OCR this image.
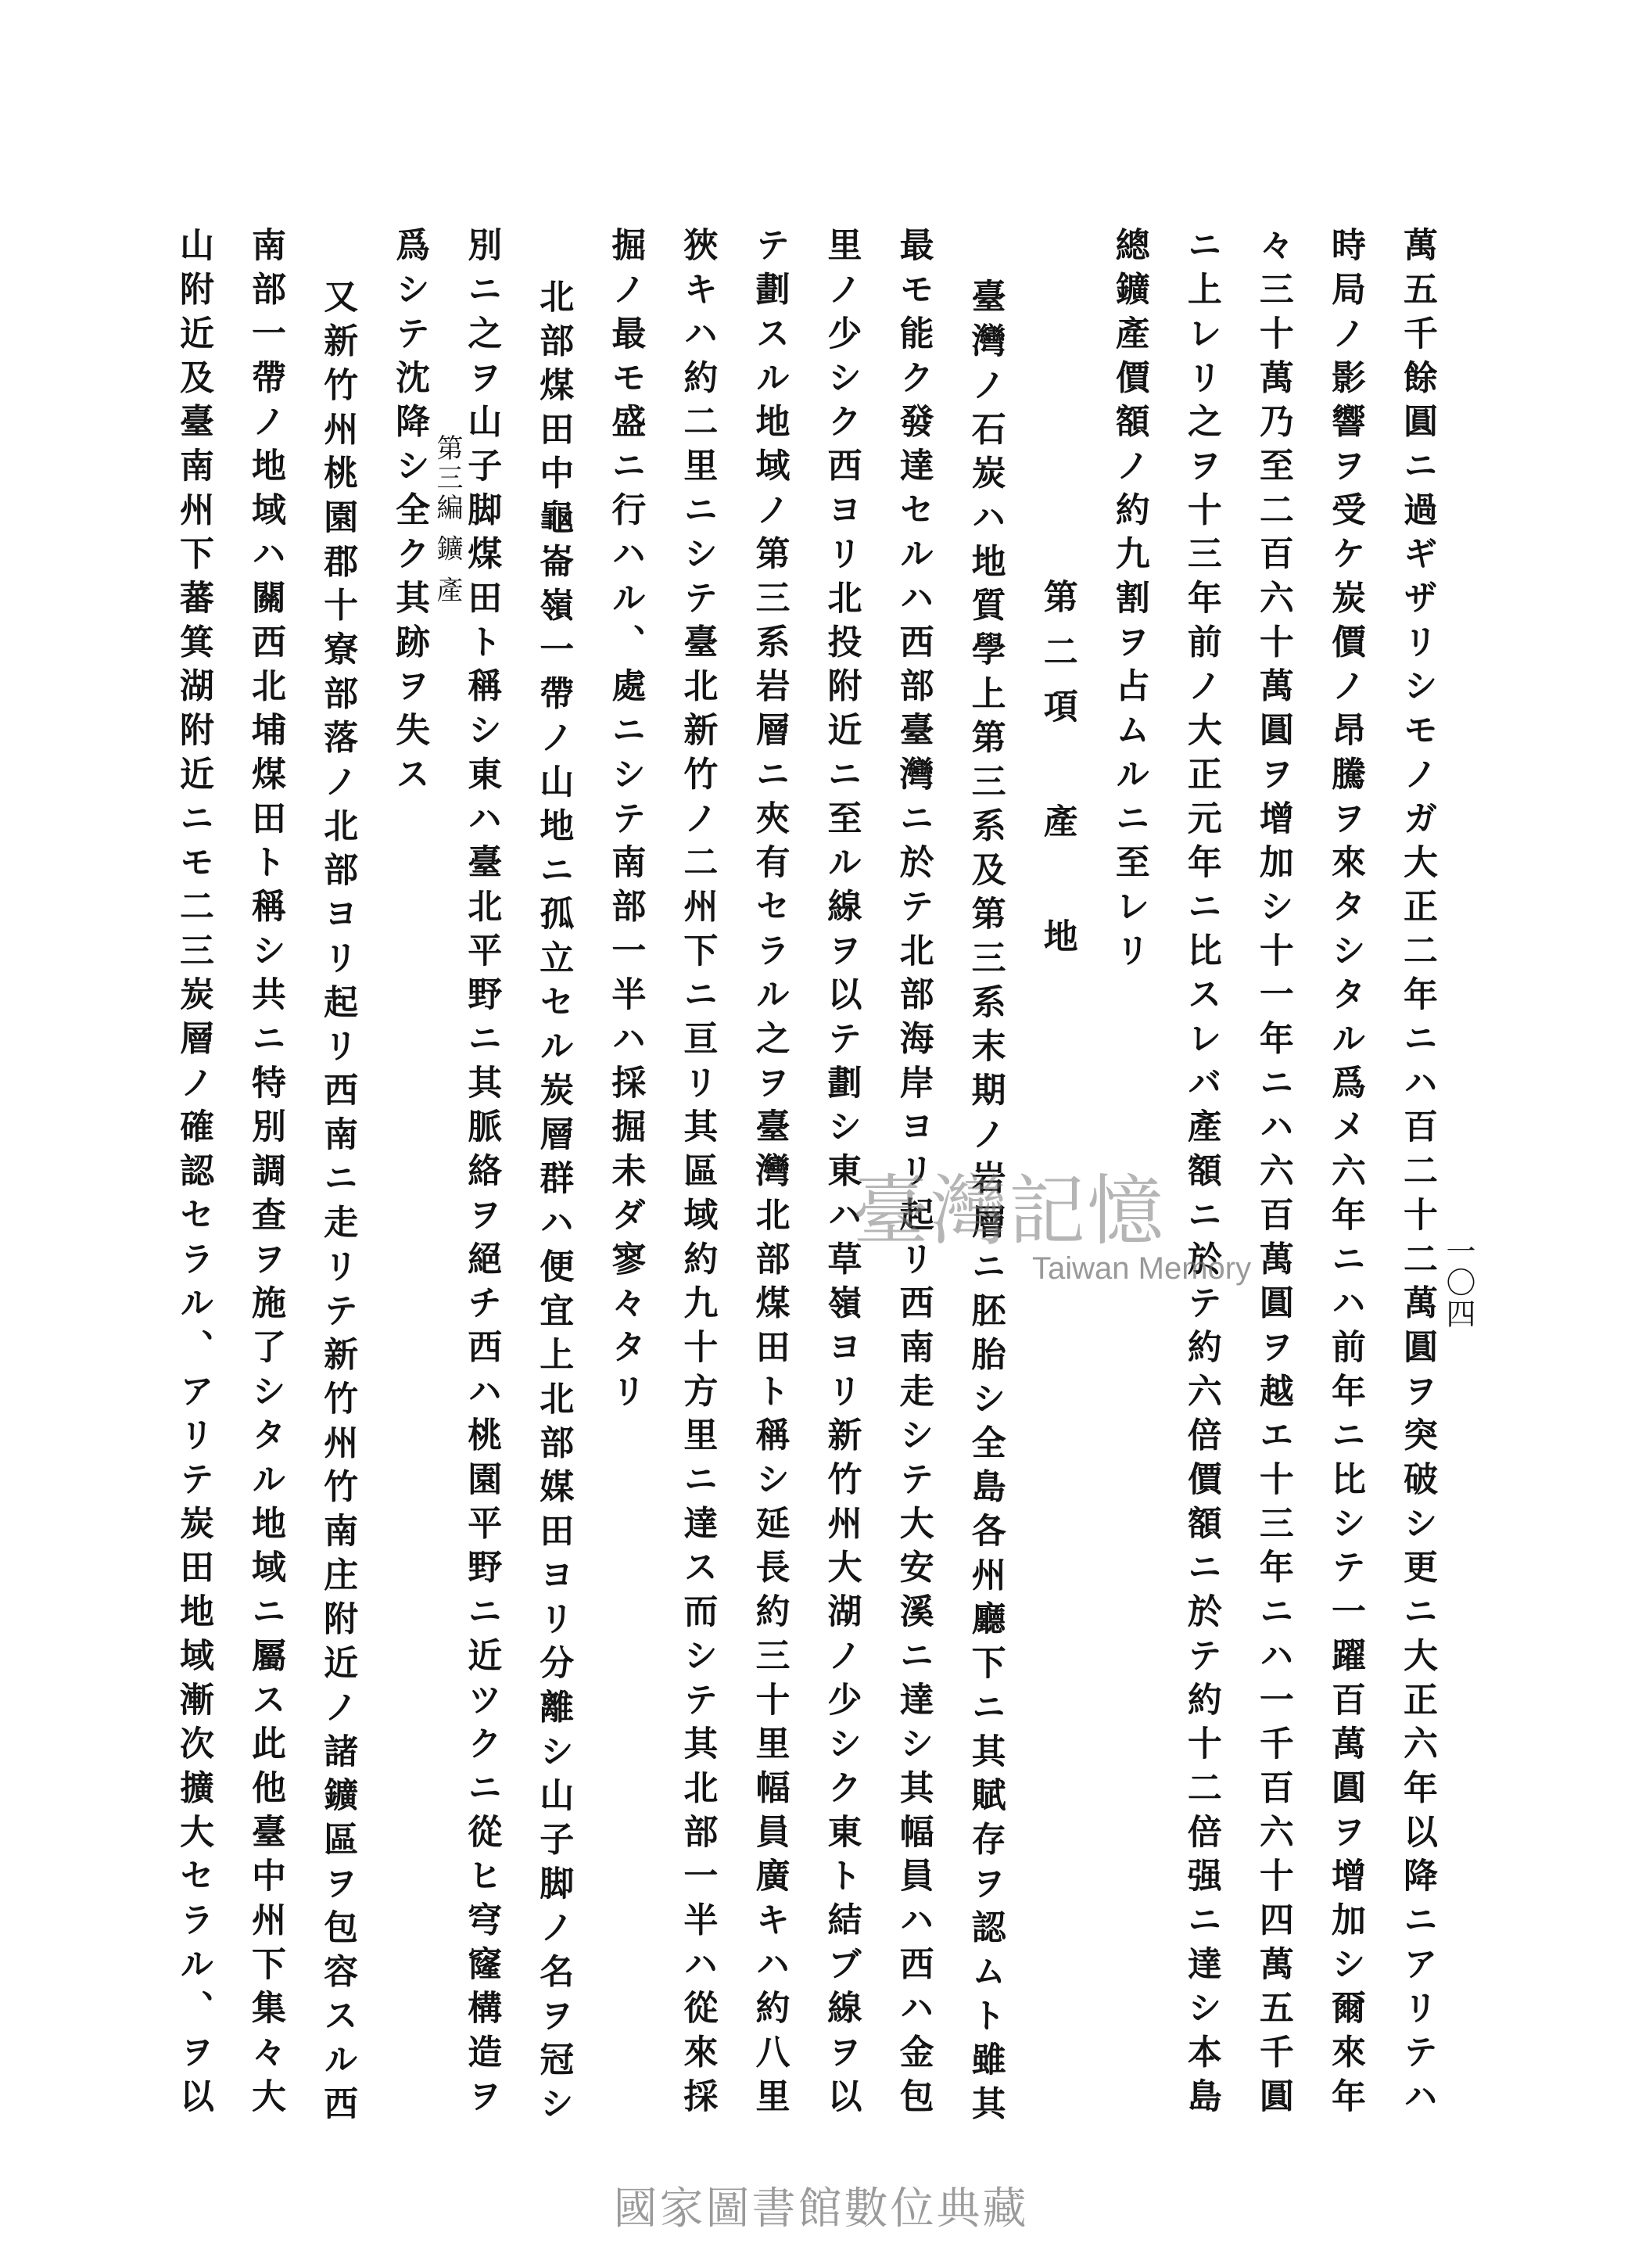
第三編 鑛 產
一〇四
萬五千餘圓ニ過ギザリシモノガ大正二年ニハ百二十二萬圓ヲ突破シ更ニ大正六年以降ニアリテハ
時局ノ影響ヲ受ケ炭價ノ昂騰ヲ來タシタル爲メ六年ニハ前年ニ比シテ一躍百萬圓ヲ增加シ爾來年
々三十萬乃至二百六十萬圓ヲ增加シ十一年ニハ六百萬圓ヲ越エ十三年ニハ一千百六十四萬五千圓
ニ上レリ之ヲ十三年前ノ大正元年ニ比スレバ產額ニ於テ約六倍價額ニ於テ約十二倍强ニ達シ本島
總鑛產價額ノ約九割ヲ占ムルニ至レリ
第二項 產 地
臺灣ノ石炭ハ地質學上第三系及第三系末期ノ岩層ニ胚胎シ全島各州廳下ニ其賦存ヲ認ムト雖其
最モ能ク發達セルハ西部臺灣ニ於テ北部海岸ヨリ起リ西南走シテ大安溪ニ達シ其幅員ハ西ハ金包
里ノ少シク西ヨリ北投附近ニ至ル線ヲ以テ劃シ東ハ草嶺ヨリ新竹州大湖ノ少シク東ト結ブ線ヲ以
テ劃スル地域ノ第三系岩層ニ夾有セラル之ヲ臺灣北部煤田ト稱シ延長約三十里幅員廣キハ約八里
狹キハ約二里ニシテ臺北新竹ノ二州下ニ亘リ其區域約九十方里ニ達ス而シテ其北部一半ハ從來採
掘ノ最モ盛ニ行ハル、處ニシテ南部一半ハ採掘未ダ寥々タリ
北部煤田中龜崙嶺一帶ノ山地ニ孤立セル炭層群ハ便宜上北部媒田ヨリ分離シ山子脚ノ名ヲ冠シ
別ニ之ヲ山子脚煤田ト稱シ東ハ臺北平野ニ其脈絡ヲ絕チ西ハ桃園平野ニ近ツクニ從ヒ穹窿構造ヲ
爲シテ沈降シ全ク其跡ヲ失ス
又新竹州桃園郡十寮部落ノ北部ヨリ起リ西南ニ走リテ新竹州竹南庄附近ノ諸鑛區ヲ包容スル西
南部一帶ノ地域ハ關西北埔煤田ト稱シ共ニ特別調查ヲ施了シタル地域ニ屬ス此他臺中州下集々大
山附近及臺南州下蕃箕湖附近ニモ二三炭層ノ確認セラル、アリテ炭田地域漸次擴大セラル、ヲ以	臺灣記憶
Taiwan Memory
國家圖書館數位典藏
